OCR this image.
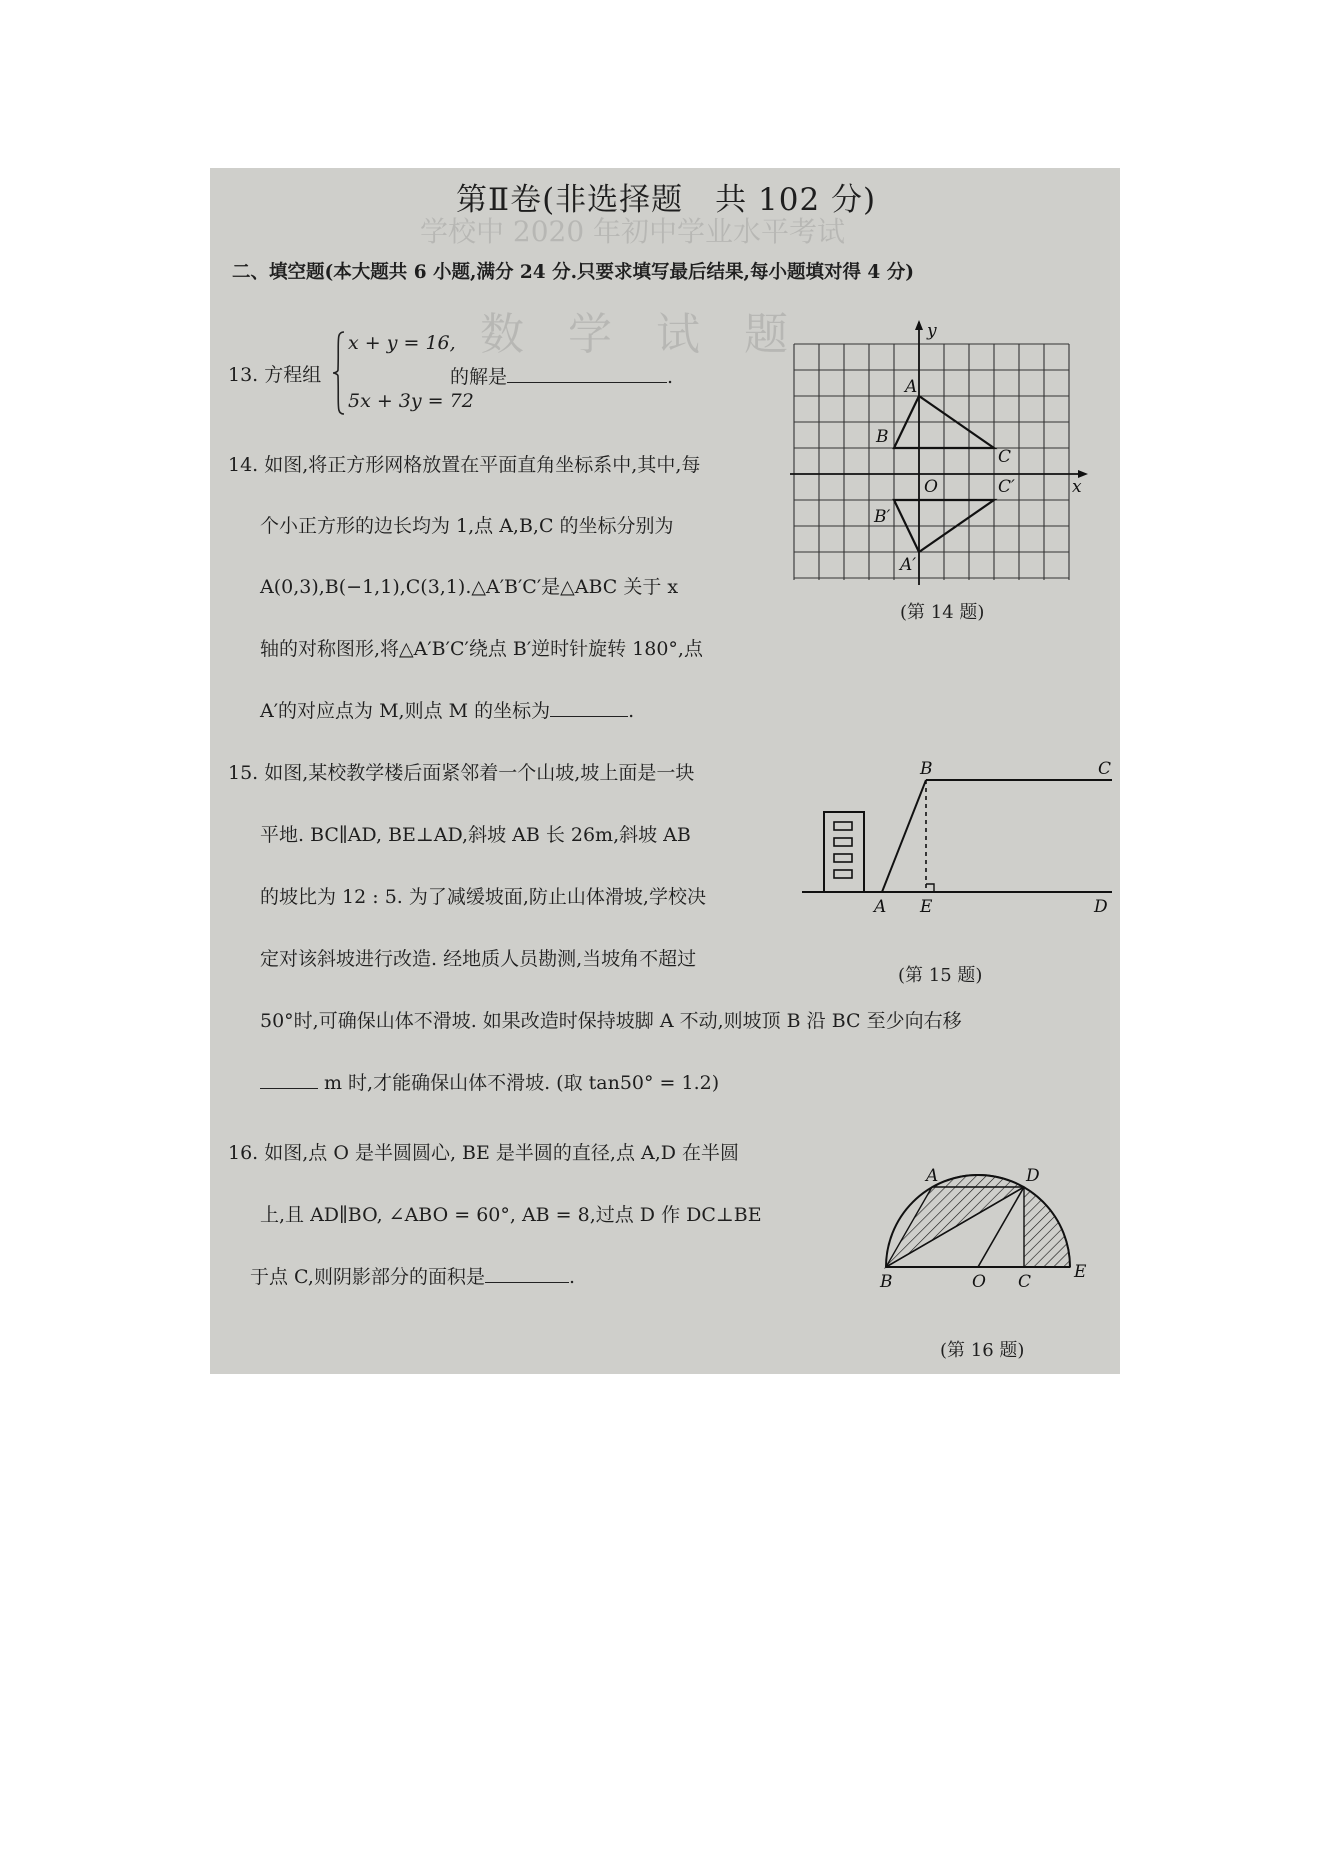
学校中 2020 年初中学业水平考试
数　学　试　题
第Ⅱ卷(非选择题　共 102 分)
二、填空题(本大题共 6 小题,满分 24 分.只要求填写最后结果,每小题填对得 4 分)
13. 方程组
x + y = 16,
5x + 3y = 72
的解是	.
14. 如图,将正方形网格放置在平面直角坐标系中,其中,每
个小正方形的边长均为 1,点 A,B,C 的坐标分别为
A(0,3),B(−1,1),C(3,1).△A′B′C′是△ABC 关于 x
轴的对称图形,将△A′B′C′绕点 B′逆时针旋转 180°,点
A′的对应点为 M,则点 M 的坐标为	.
y
x
A
B
C
O	C′
B′
A′
(第 14 题)
15. 如图,某校教学楼后面紧邻着一个山坡,坡上面是一块
平地. BC∥AD, BE⊥AD,斜坡 AB 长 26m,斜坡 AB
的坡比为 12 : 5. 为了减缓坡面,防止山体滑坡,学校决
定对该斜坡进行改造. 经地质人员勘测,当坡角不超过
50°时,可确保山体不滑坡. 如果改造时保持坡脚 A 不动,则坡顶 B 沿 BC 至少向右移
m 时,才能确保山体不滑坡. (取 tan50° = 1.2)
B	C
A E	D
(第 15 题)
16. 如图,点 O 是半圆圆心, BE 是半圆的直径,点 A,D 在半圆
上,且 AD∥BO, ∠ABO = 60°, AB = 8,过点 D 作 DC⊥BE
于点 C,则阴影部分的面积是	.
A	D
B	O C	E
(第 16 题)
